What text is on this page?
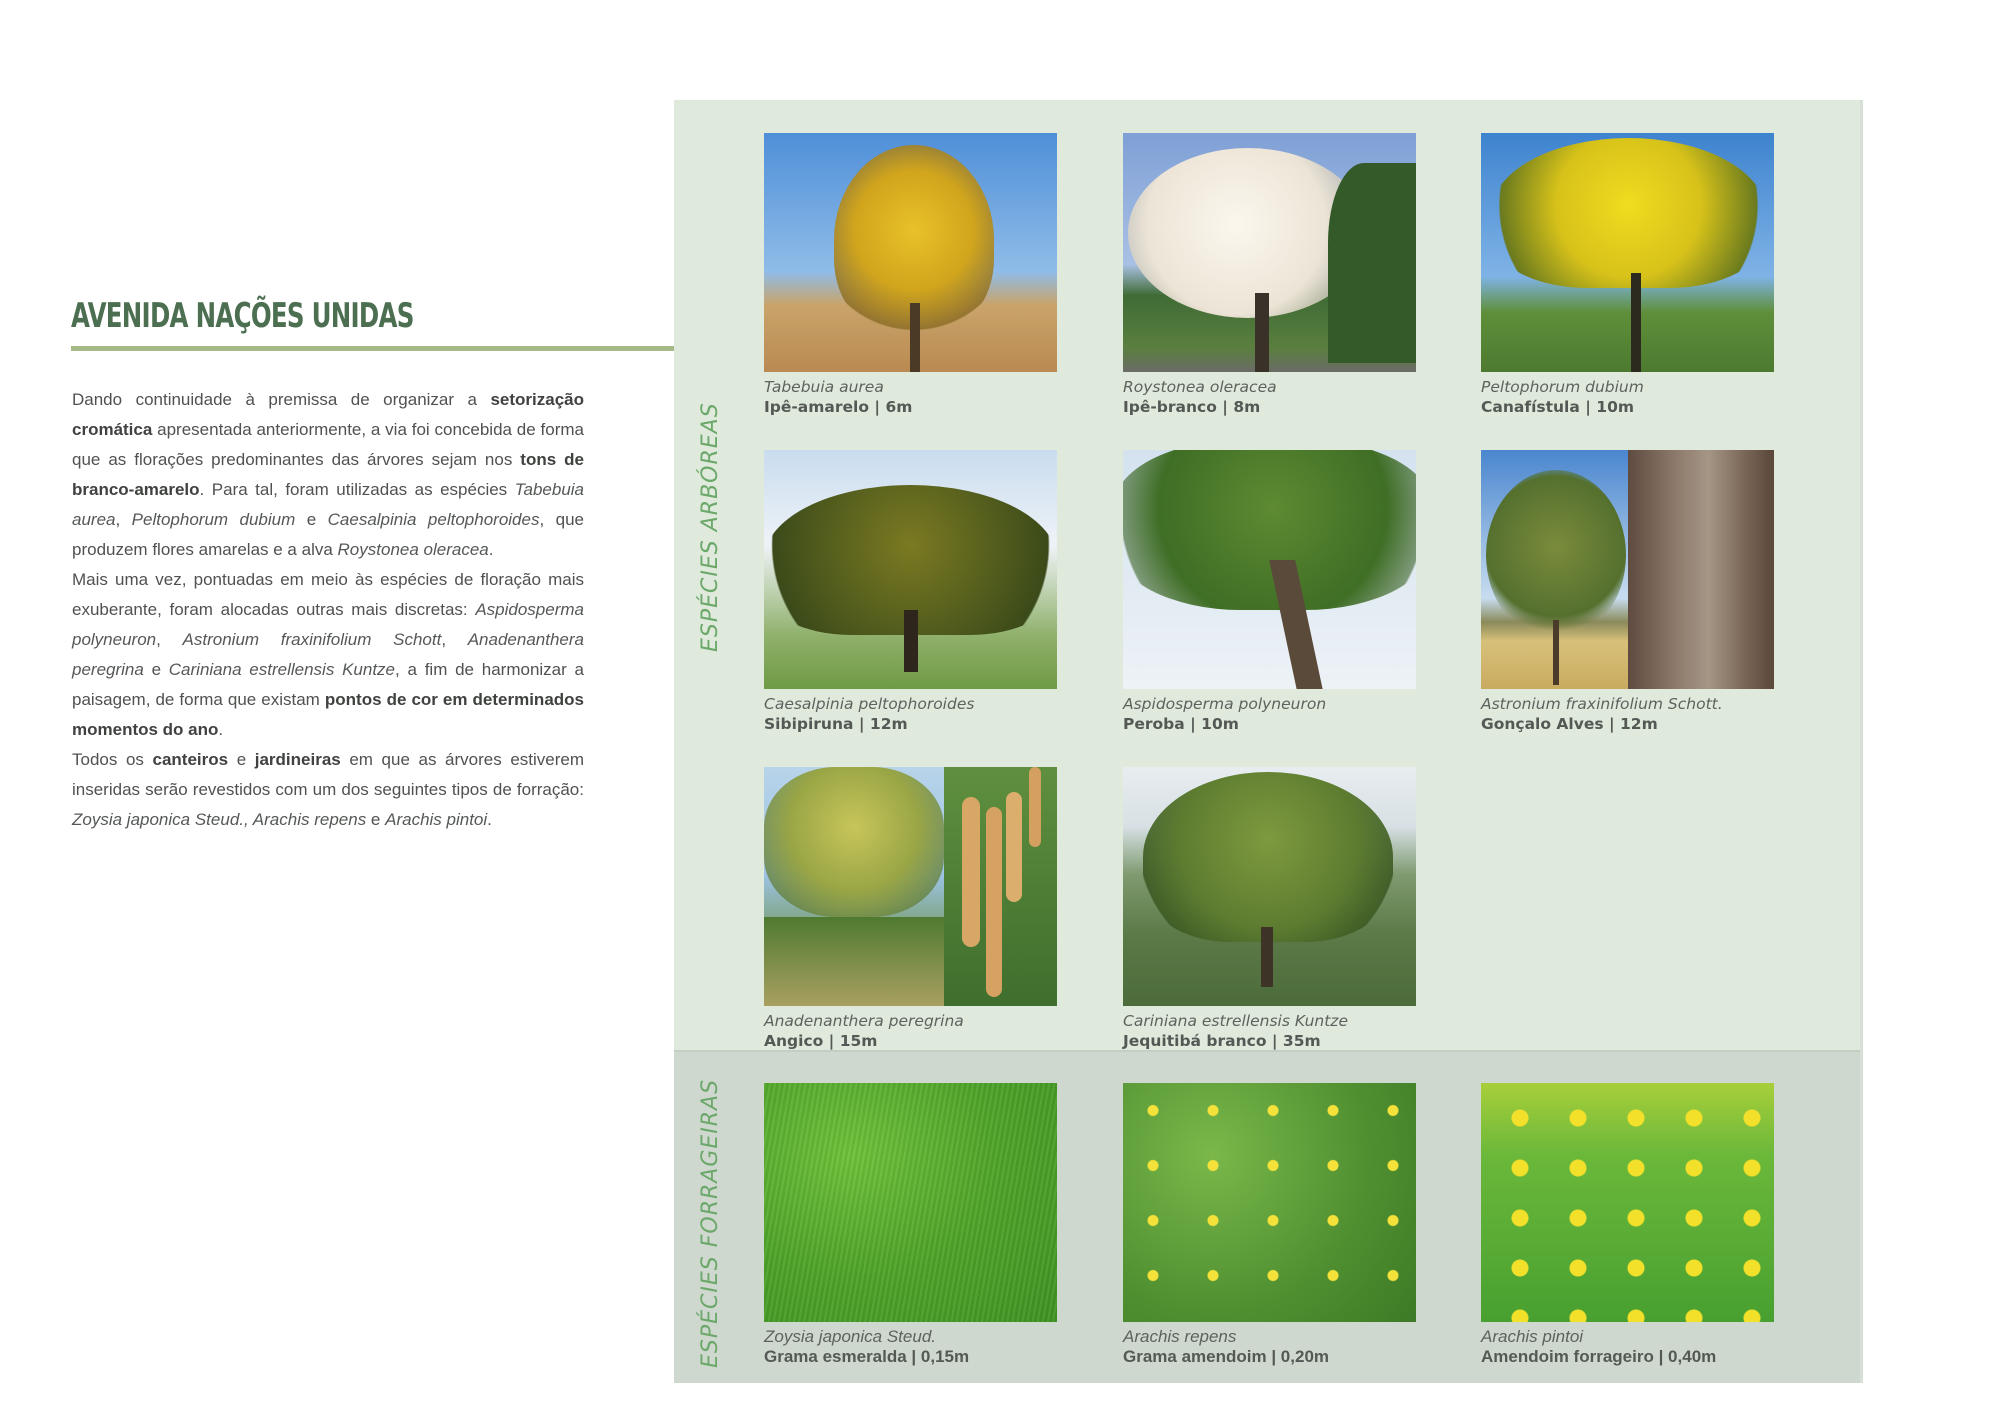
AVENIDA NAÇÕES UNIDAS

Dando continuidade à premissa de organizar a setorização cromática apresentada anteriormente, a via foi concebida de forma que as florações predominantes das árvores sejam nos tons de branco-amarelo. Para tal, foram utilizadas as espécies Tabebuia aurea, Peltophorum dubium e Caesalpinia peltophoroides, que produzem flores amarelas e a alva Roystonea oleracea.

Mais uma vez, pontuadas em meio às espécies de floração mais exuberante, foram alocadas outras mais discretas: Aspidosperma polyneuron, Astronium fraxinifolium Schott, Anadenanthera peregrina e Cariniana estrellensis Kuntze, a fim de harmonizar a paisagem, de forma que existam pontos de cor em determinados momentos do ano.

Todos os canteiros e jardineiras em que as árvores estiverem inseridas serão revestidos com um dos seguintes tipos de forração: Zoysia japonica Steud., Arachis repens e Arachis pintoi.

ESPÉCIES ARBÓREAS
ESPÉCIES FORRAGEIRAS
Tabebuia aurea
Ipê-amarelo | 6m
Roystonea oleracea
Ipê-branco | 8m
Peltophorum dubium
Canafístula | 10m
Caesalpinia peltophoroides
Sibipiruna | 12m
Aspidosperma polyneuron
Peroba | 10m
Astronium fraxinifolium Schott.
Gonçalo Alves | 12m
Anadenanthera peregrina
Angico | 15m
Cariniana estrellensis Kuntze
Jequitibá branco | 35m
Zoysia japonica Steud.
Grama esmeralda | 0,15m
Arachis repens
Grama amendoim | 0,20m
Arachis pintoi
Amendoim forrageiro | 0,40m
